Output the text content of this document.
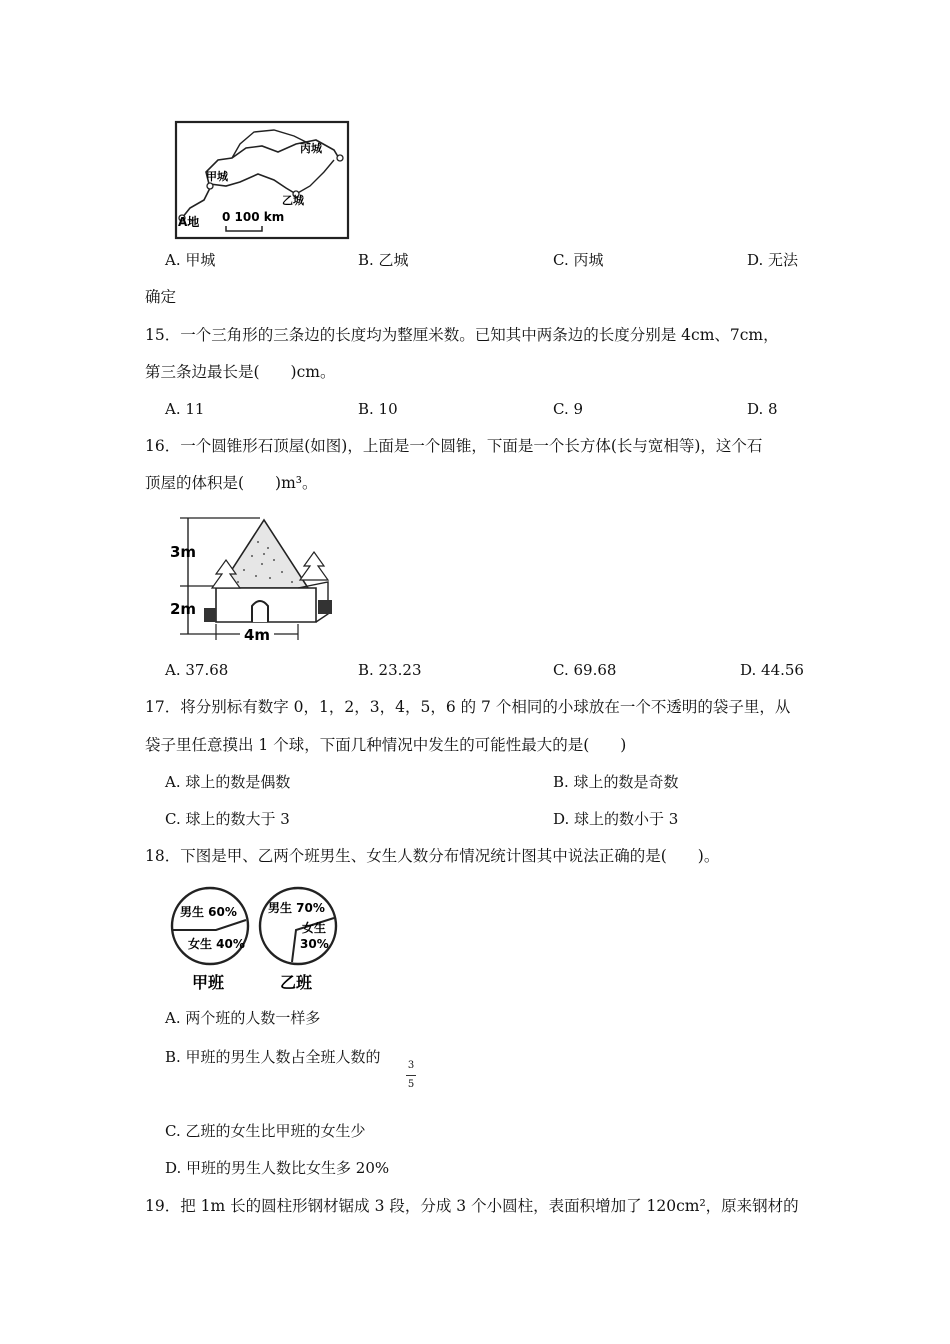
丙城
甲城
乙城
A地 0 100 km
A. 甲城	B. 乙城	C. 丙城	D. 无法
确定
15．一个三角形的三条边的长度均为整厘米数。已知其中两条边的长度分别是 4cm、7cm，
第三条边最长是(　　)cm。
A. 11	B. 10	C. 9	D. 8
16．一个圆锥形石顶屋(如图)，上面是一个圆锥，下面是一个长方体(长与宽相等)，这个石
顶屋的体积是(　　)m³。
3m
2m
4m
A. 37.68	B. 23.23	C. 69.68	D. 44.56
17．将分别标有数字 0，1，2，3，4，5，6 的 7 个相同的小球放在一个不透明的袋子里，从
袋子里任意摸出 1 个球，下面几种情况中发生的可能性最大的是(　　)
A. 球上的数是偶数	B. 球上的数是奇数
C. 球上的数大于 3	D. 球上的数小于 3
18．下图是甲、乙两个班男生、女生人数分布情况统计图其中说法正确的是(　　)。
男生 60%
女生 40%
甲班
男生 70%
女生
30%
乙班
A. 两个班的人数一样多
B. 甲班的男生人数占全班人数的	3
5
C. 乙班的女生比甲班的女生少
D. 甲班的男生人数比女生多 20%
19．把 1m 长的圆柱形钢材锯成 3 段，分成 3 个小圆柱，表面积增加了 120cm²，原来钢材的
